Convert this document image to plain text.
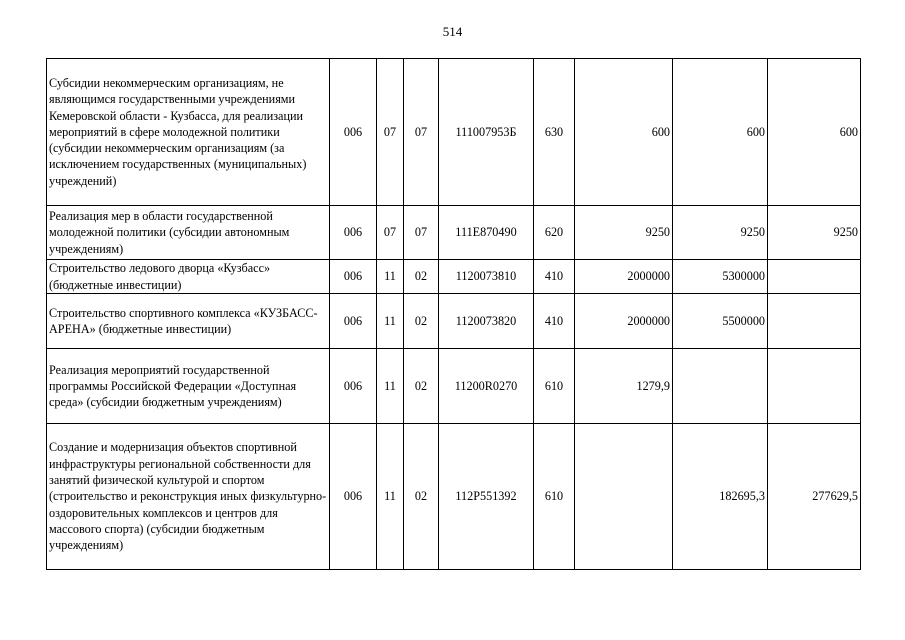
514
Субсидии некоммерческим организациям, не являющимся государственными учреждениями Кемеровской области - Кузбасса, для реализации мероприятий в сфере молодежной политики (субсидии некоммерческим организациям (за исключением государственных (муниципальных) учреждений)	006	07	07	111007953Б	630	600	600	600
Реализация мер в области государственной молодежной политики (субсидии автономным учреждениям)	006	07	07	111E870490	620	9250	9250	9250
Строительство ледового дворца «Кузбасс» (бюджетные инвестиции)	006	11	02	1120073810	410	2000000	5300000	
Строительство спортивного комплекса «КУЗБАСС-АРЕНА» (бюджетные инвестиции)	006	11	02	1120073820	410	2000000	5500000	
Реализация мероприятий государственной программы Российской Федерации «Доступная среда» (субсидии бюджетным учреждениям)	006	11	02	11200R0270	610	1279,9		
Создание и модернизация объектов спортивной инфраструктуры региональной собственности для занятий физической культурой и спортом (строительство и реконструкция иных физкультурно-оздоровительных комплексов и центров для массового спорта) (субсидии бюджетным учреждениям)	006	11	02	112P551392	610		182695,3	277629,5
